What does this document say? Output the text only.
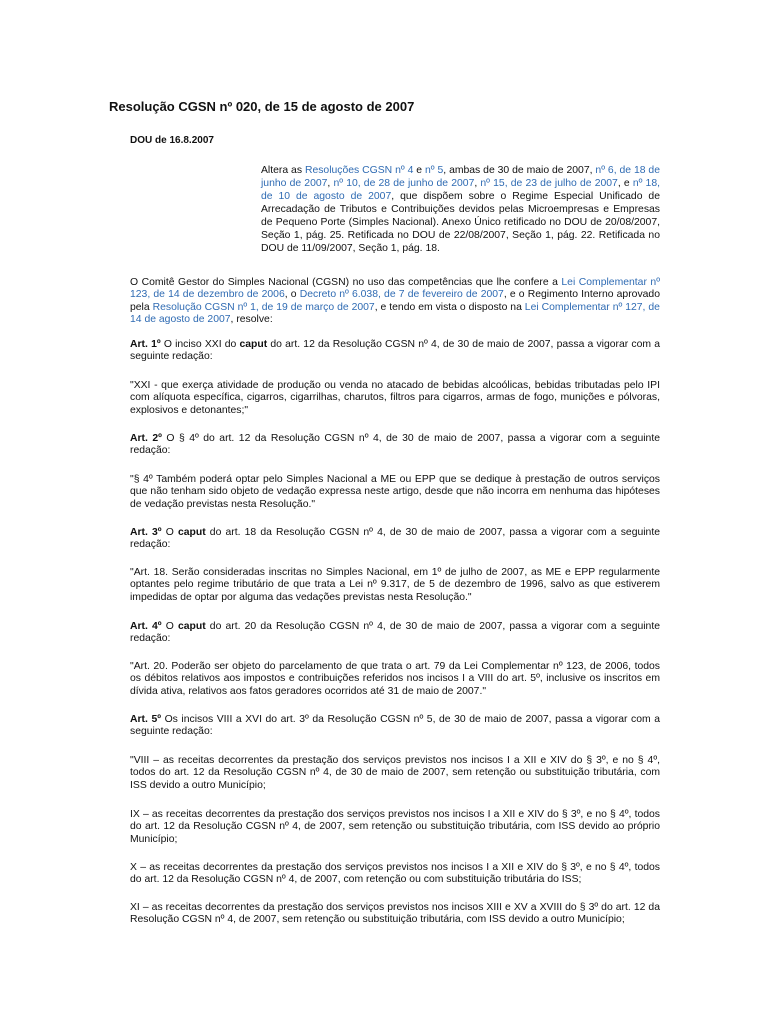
Resolução CGSN nº 020, de 15 de agosto de 2007
DOU de 16.8.2007
Altera as Resoluções CGSN nº 4 e nº 5, ambas de 30 de maio de 2007, nº 6, de 18 de junho de 2007, nº 10, de 28 de junho de 2007, nº 15, de 23 de julho de 2007, e nº 18, de 10 de agosto de 2007, que dispõem sobre o Regime Especial Unificado de Arrecadação de Tributos e Contribuições devidos pelas Microempresas e Empresas de Pequeno Porte (Simples Nacional). Anexo Único retificado no DOU de 20/08/2007, Seção 1, pág. 25. Retificada no DOU de 22/08/2007, Seção 1, pág. 22. Retificada no DOU de 11/09/2007, Seção 1, pág. 18.
O Comitê Gestor do Simples Nacional (CGSN) no uso das competências que lhe confere a Lei Complementar nº 123, de 14 de dezembro de 2006, o Decreto nº 6.038, de 7 de fevereiro de 2007, e o Regimento Interno aprovado pela Resolução CGSN nº 1, de 19 de março de 2007, e tendo em vista o disposto na Lei Complementar nº 127, de 14 de agosto de 2007, resolve:
Art. 1º O inciso XXI do caput do art. 12 da Resolução CGSN nº 4, de 30 de maio de 2007, passa a vigorar com a seguinte redação:
"XXI - que exerça atividade de produção ou venda no atacado de bebidas alcoólicas, bebidas tributadas pelo IPI com alíquota específica, cigarros, cigarrilhas, charutos, filtros para cigarros, armas de fogo, munições e pólvoras, explosivos e detonantes;"
Art. 2º O § 4º do art. 12 da Resolução CGSN nº 4, de 30 de maio de 2007, passa a vigorar com a seguinte redação:
"§ 4º Também poderá optar pelo Simples Nacional a ME ou EPP que se dedique à prestação de outros serviços que não tenham sido objeto de vedação expressa neste artigo, desde que não incorra em nenhuma das hipóteses de vedação previstas nesta Resolução."
Art. 3º O caput do art. 18 da Resolução CGSN nº 4, de 30 de maio de 2007, passa a vigorar com a seguinte redação:
"Art. 18. Serão consideradas inscritas no Simples Nacional, em 1º de julho de 2007, as ME e EPP regularmente optantes pelo regime tributário de que trata a Lei nº 9.317, de 5 de dezembro de 1996, salvo as que estiverem impedidas de optar por alguma das vedações previstas nesta Resolução."
Art. 4º O caput do art. 20 da Resolução CGSN nº 4, de 30 de maio de 2007, passa a vigorar com a seguinte redação:
"Art. 20. Poderão ser objeto do parcelamento de que trata o art. 79 da Lei Complementar nº 123, de 2006, todos os débitos relativos aos impostos e contribuições referidos nos incisos I a VIII do art. 5º, inclusive os inscritos em dívida ativa, relativos aos fatos geradores ocorridos até 31 de maio de 2007."
Art. 5º Os incisos VIII a XVI do art. 3º da Resolução CGSN nº 5, de 30 de maio de 2007, passa a vigorar com a seguinte redação:
"VIII – as receitas decorrentes da prestação dos serviços previstos nos incisos I a XII e XIV do § 3º, e no § 4º, todos do art. 12 da Resolução CGSN nº 4, de 30 de maio de 2007, sem retenção ou substituição tributária, com ISS devido a outro Município;
IX – as receitas decorrentes da prestação dos serviços previstos nos incisos I a XII e XIV do § 3º, e no § 4º, todos do art. 12 da Resolução CGSN nº 4, de 2007, sem retenção ou substituição tributária, com ISS devido ao próprio Município;
X – as receitas decorrentes da prestação dos serviços previstos nos incisos I a XII e XIV do § 3º, e no § 4º, todos do art. 12 da Resolução CGSN nº 4, de 2007, com retenção ou com substituição tributária do ISS;
XI – as receitas decorrentes da prestação dos serviços previstos nos incisos XIII e XV a XVIII do § 3º do art. 12 da Resolução CGSN nº 4, de 2007, sem retenção ou substituição tributária, com ISS devido a outro Município;
